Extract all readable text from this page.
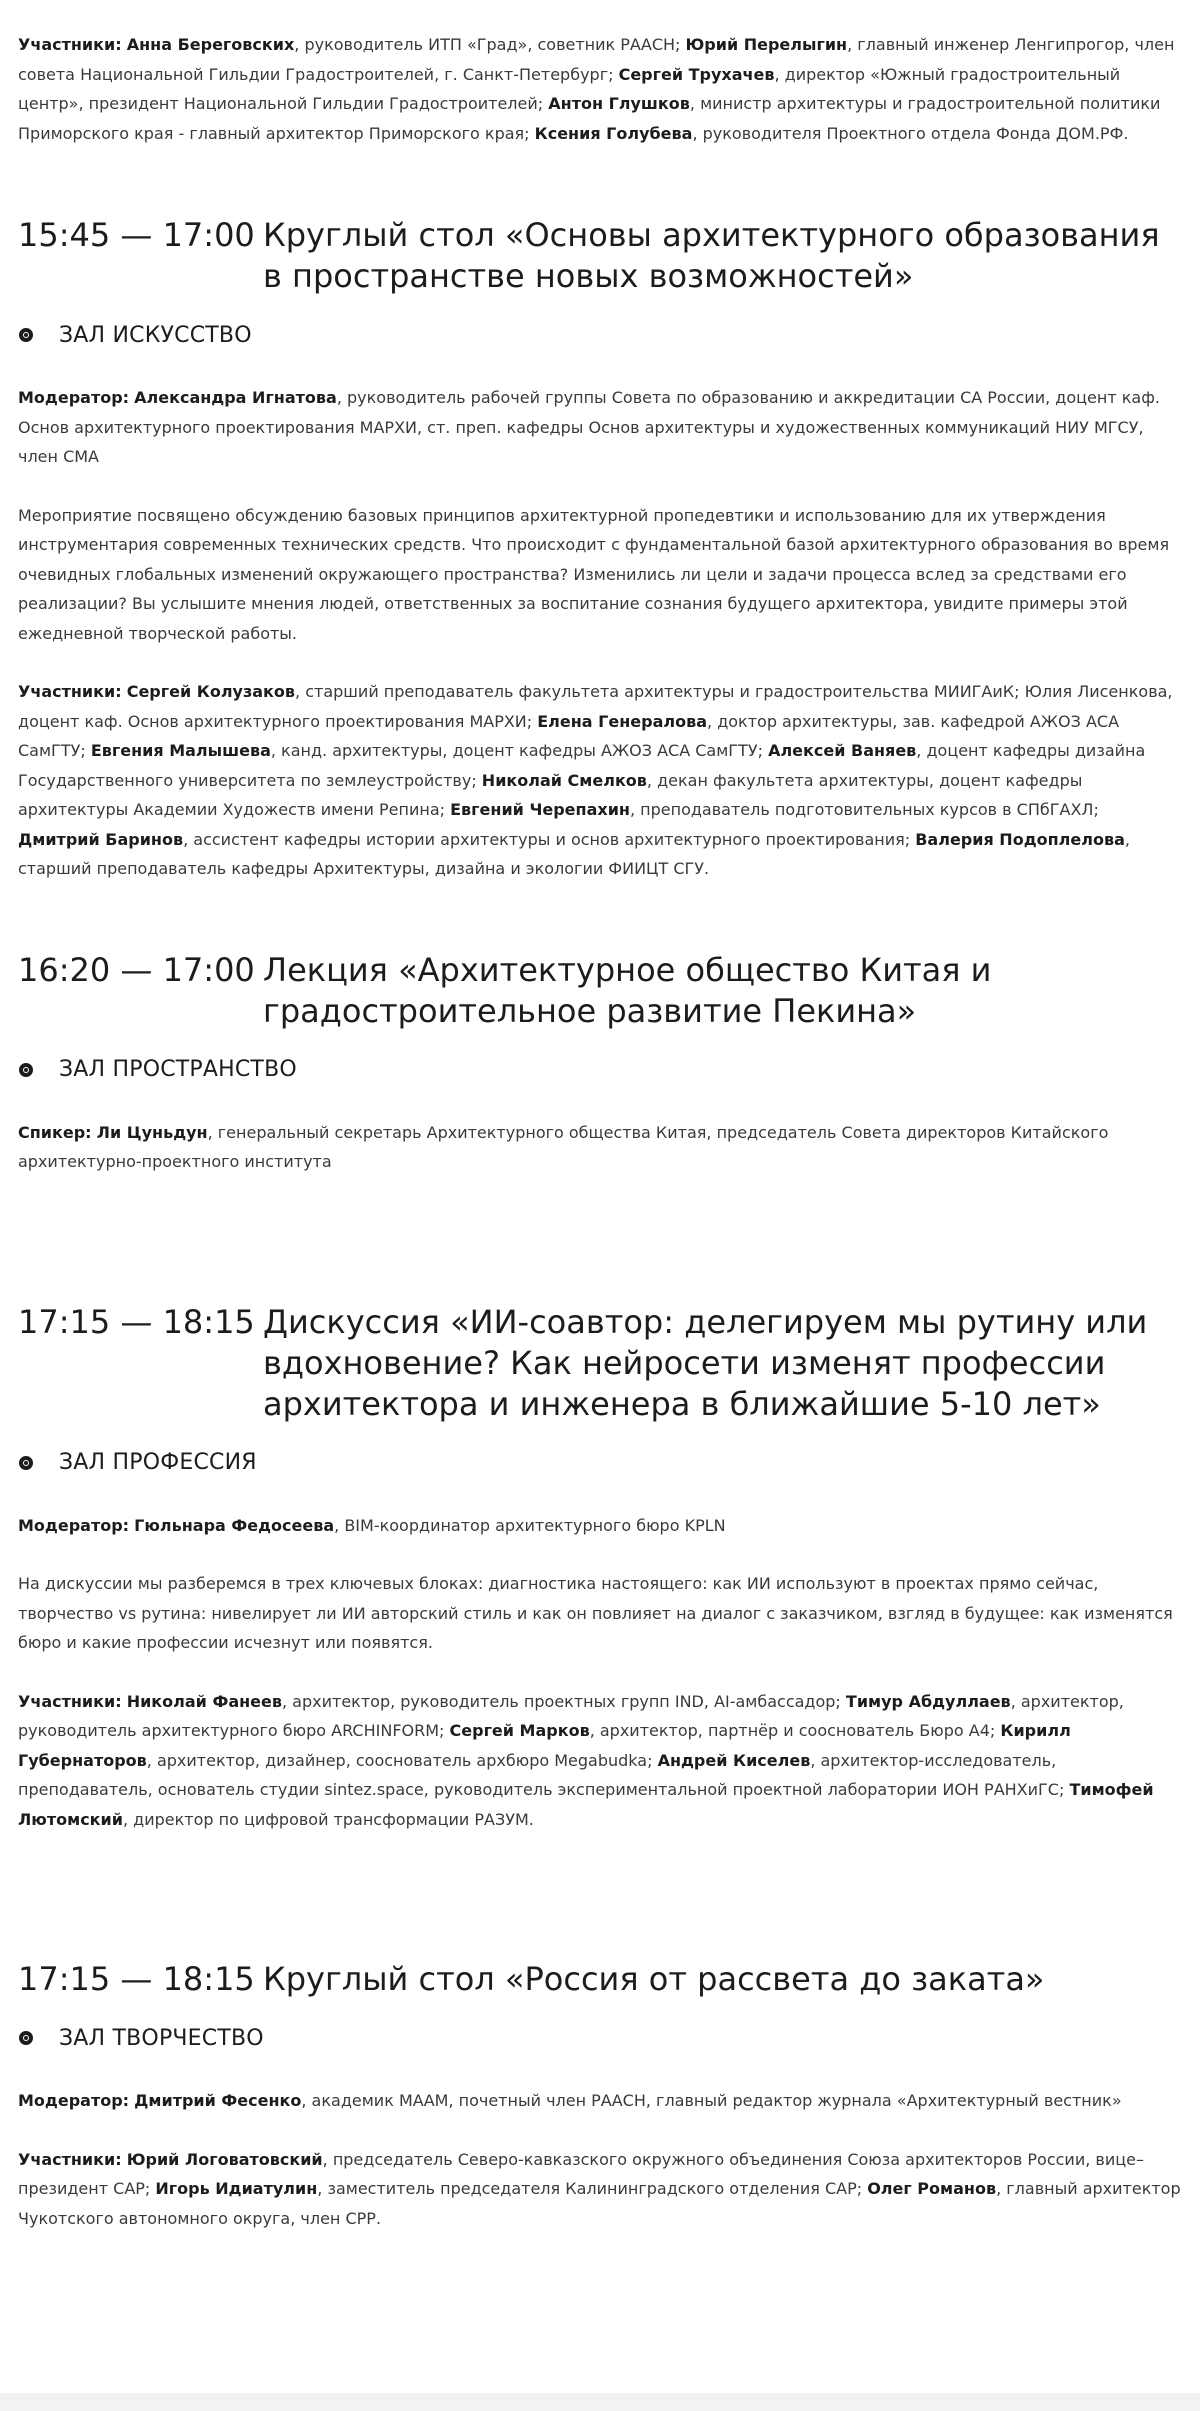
Участники: Анна Береговских, руководитель ИТП «Град», советник РААСН; Юрий Перелыгин, главный инженер Ленгипрогор, член совета Национальной Гильдии Градостроителей, г. Санкт-Петербург; Сергей Трухачев, директор «Южный градостроительный центр», президент Национальной Гильдии Градостроителей; Антон Глушков, министр архитектуры и градостроительной политики Приморского края - главный архитектор Приморского края; Ксения Голубева, руководителя Проектного отдела Фонда ДОМ.РФ.

15:45 — 17:00 Круглый стол «Основы архитектурного образования в пространстве новых возможностей»
ЗАЛ ИСКУССТВО

Модератор: Александра Игнатова, руководитель рабочей группы Совета по образованию и аккредитации СА России, доцент каф. Основ архитектурного проектирования МАРХИ, ст. преп. кафедры Основ архитектуры и художественных коммуникаций НИУ МГСУ, член СМА

Мероприятие посвящено обсуждению базовых принципов архитектурной пропедевтики и использованию для их утверждения инструментария современных технических средств. Что происходит с фундаментальной базой архитектурного образования во время очевидных глобальных изменений окружающего пространства? Изменились ли цели и задачи процесса вслед за средствами его реализации? Вы услышите мнения людей, ответственных за воспитание сознания будущего архитектора, увидите примеры этой ежедневной творческой работы.

Участники: Сергей Колузаков, старший преподаватель факультета архитектуры и градостроительства МИИГАиК; Юлия Лисенкова, доцент каф. Основ архитектурного проектирования МАРХИ; Елена Генералова, доктор архитектуры, зав. кафедрой АЖОЗ АСА СамГТУ; Евгения Малышева, канд. архитектуры, доцент кафедры АЖОЗ АСА СамГТУ; Алексей Ваняев, доцент кафедры дизайна Государственного университета по землеустройству; Николай Смелков, декан факультета архитектуры, доцент кафедры архитектуры Академии Художеств имени Репина; Евгений Черепахин, преподаватель подготовительных курсов в СПбГАХЛ; Дмитрий Баринов, ассистент кафедры истории архитектуры и основ архитектурного проектирования; Валерия Подоплелова, старший преподаватель кафедры Архитектуры, дизайна и экологии ФИИЦТ СГУ.

16:20 — 17:00 Лекция «Архитектурное общество Китая и градостроительное развитие Пекина»
ЗАЛ ПРОСТРАНСТВО

Спикер: Ли Цуньдун, генеральный секретарь Архитектурного общества Китая, председатель Совета директоров Китайского архитектурно-проектного института

17:15 — 18:15 Дискуссия «ИИ-соавтор: делегируем мы рутину или вдохновение? Как нейросети изменят профессии архитектора и инженера в ближайшие 5-10 лет»
ЗАЛ ПРОФЕССИЯ

Модератор: Гюльнара Федосеева, BIM-координатор архитектурного бюро KPLN

На дискуссии мы разберемся в трех ключевых блоках: диагностика настоящего: как ИИ используют в проектах прямо сейчас, творчество vs рутина: нивелирует ли ИИ авторский стиль и как он повлияет на диалог с заказчиком, взгляд в будущее: как изменятся бюро и какие профессии исчезнут или появятся.

Участники: Николай Фанеев, архитектор, руководитель проектных групп IND, AI-амбассадор; Тимур Абдуллаев, архитектор, руководитель архитектурного бюро ARCHINFORM; Сергей Марков, архитектор, партнёр и сооснователь Бюро А4; Кирилл Губернаторов, архитектор, дизайнер, сооснователь архбюро Megabudka; Андрей Киселев, архитектор-исследователь, преподаватель, основатель студии sintez.space, руководитель экспериментальной проектной лаборатории ИОН РАНХиГС; Тимофей Лютомский, директор по цифровой трансформации РАЗУМ.

17:15 — 18:15 Круглый стол «Россия от рассвета до заката»
ЗАЛ ТВОРЧЕСТВО

Модератор: Дмитрий Фесенко, академик МААМ, почетный член РААСН, главный редактор журнала «Архитектурный вестник»

Участники: Юрий Логоватовский, председатель Северо-кавказского окружного объединения Союза архитекторов России, вице–президент САР; Игорь Идиатулин, заместитель председателя Калининградского отделения САР; Олег Романов, главный архитектор Чукотского автономного округа, член СРР.
